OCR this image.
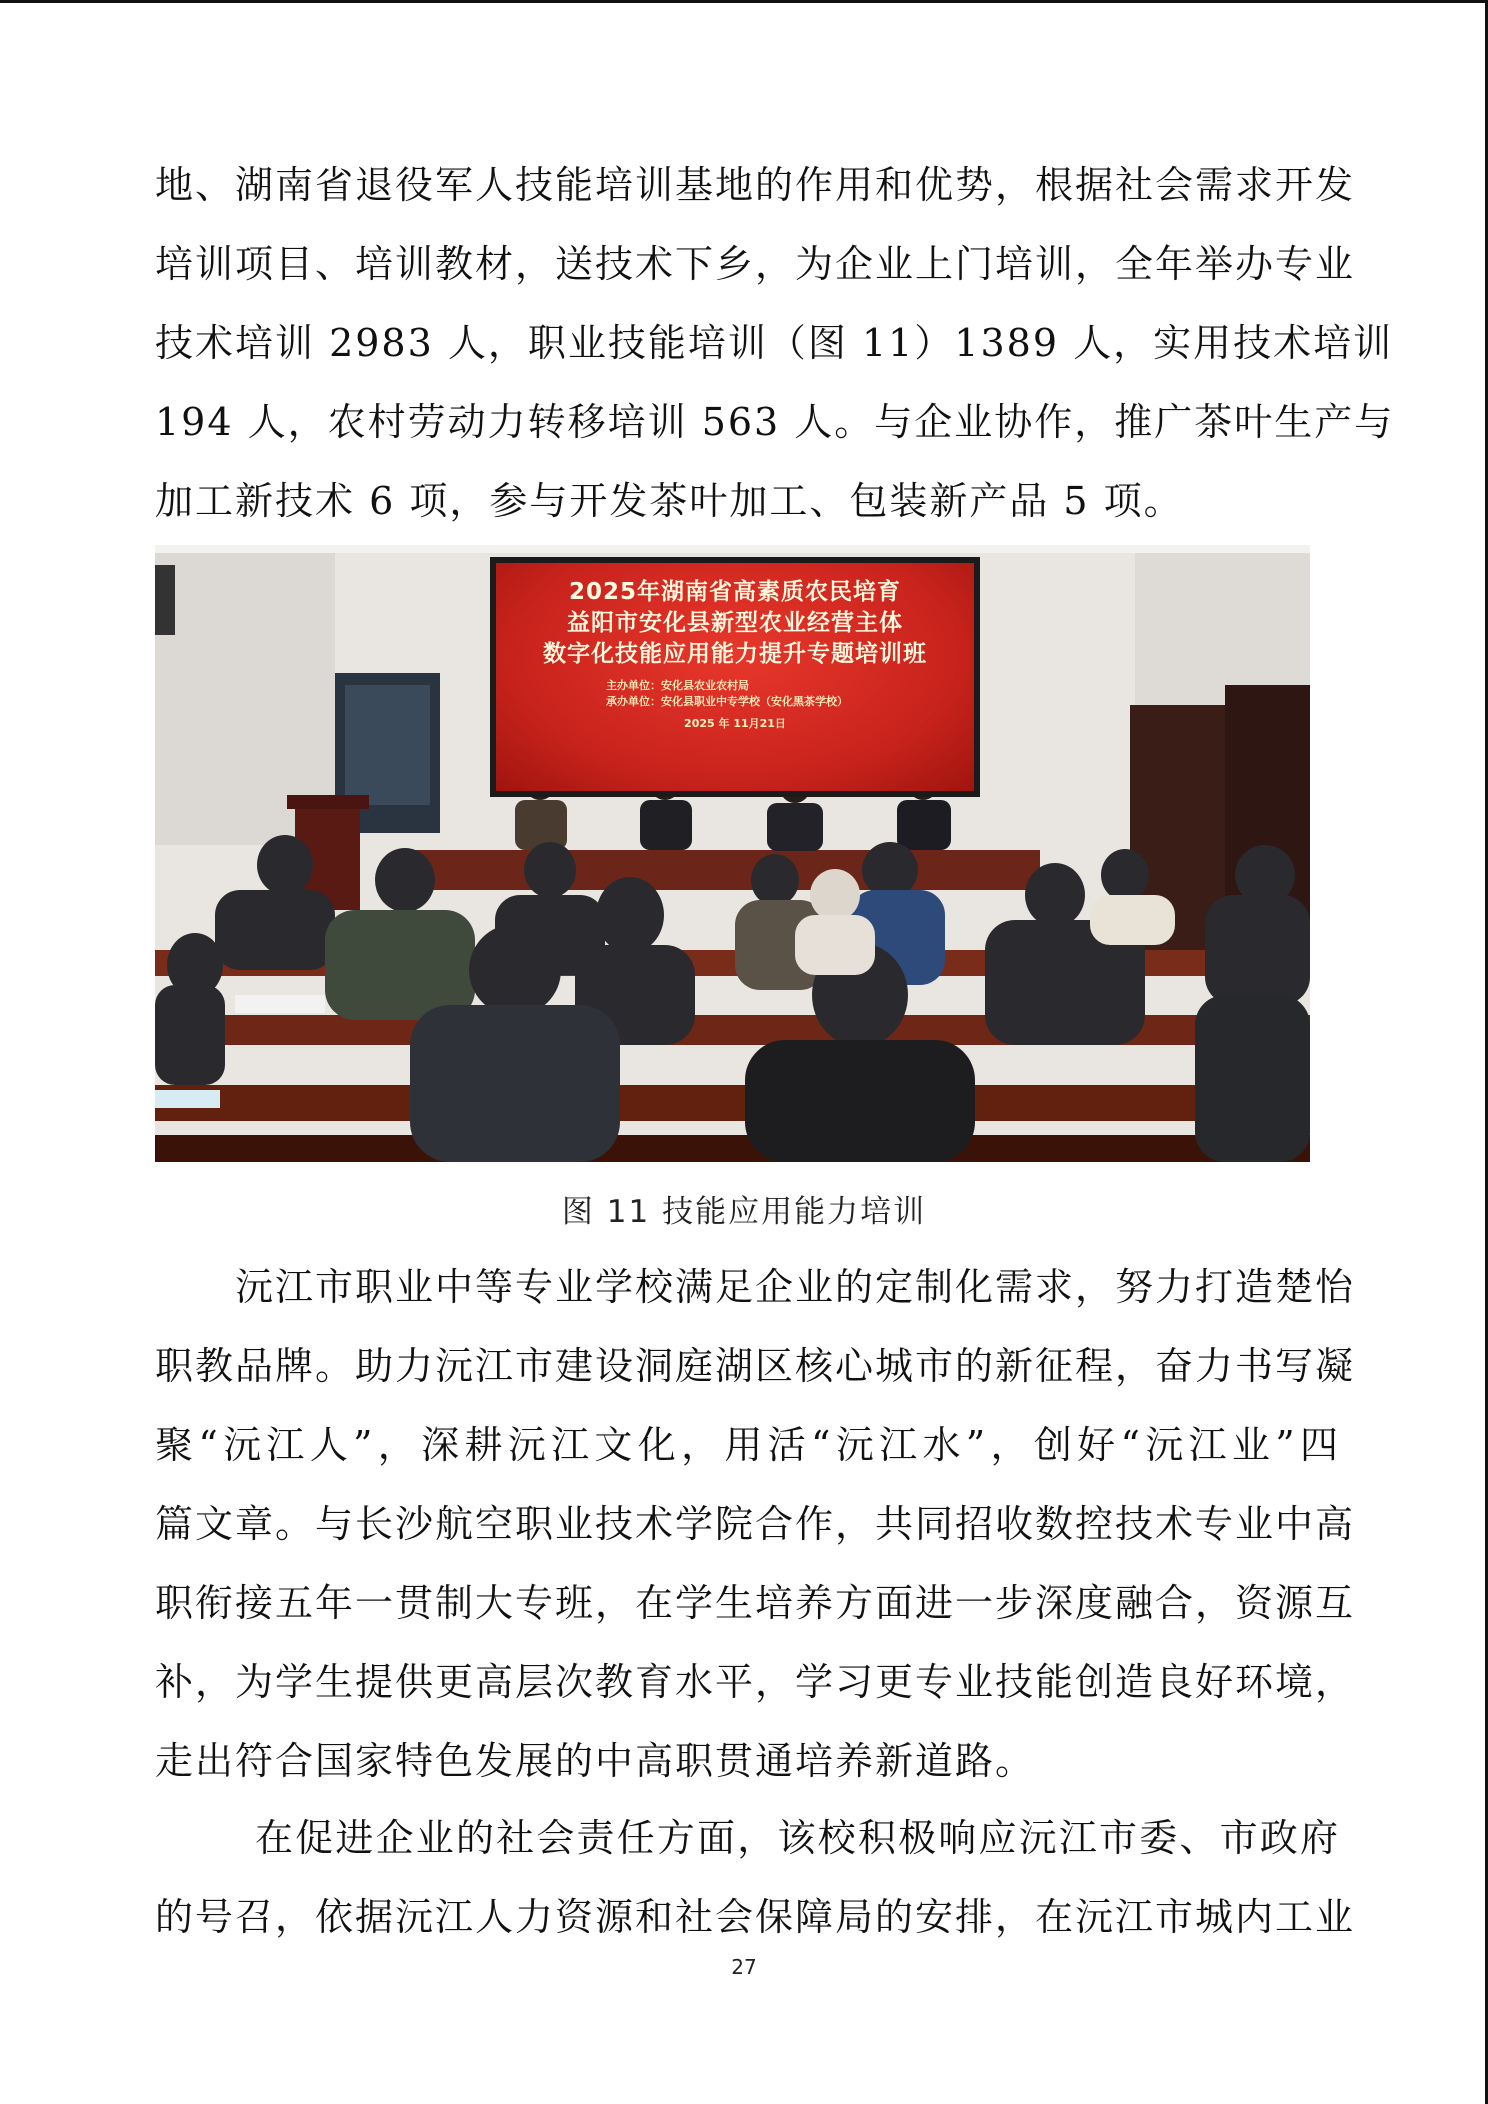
地、湖南省退役军人技能培训基地的作用和优势，根据社会需求开发
培训项目、培训教材，送技术下乡，为企业上门培训，全年举办专业
技术培训 2983 人，职业技能培训（图 11）1389 人，实用技术培训
194 人，农村劳动力转移培训 563 人。与企业协作，推广茶叶生产与
加工新技术 6 项，参与开发茶叶加工、包装新产品 5 项。
2025年湖南省高素质农民培育
益阳市安化县新型农业经营主体
数字化技能应用能力提升专题培训班
主办单位：安化县农业农村局
承办单位：安化县职业中专学校（安化黑茶学校）
2025 年 11月21日
图 11 技能应用能力培训
沅江市职业中等专业学校满足企业的定制化需求，努力打造楚怡
职教品牌。助力沅江市建设洞庭湖区核心城市的新征程，奋力书写凝
聚“沅江人”，深耕沅江文化，用活“沅江水”，创好“沅江业”四
篇文章。与长沙航空职业技术学院合作，共同招收数控技术专业中高
职衔接五年一贯制大专班，在学生培养方面进一步深度融合，资源互
补，为学生提供更高层次教育水平，学习更专业技能创造良好环境，
走出符合国家特色发展的中高职贯通培养新道路。
在促进企业的社会责任方面，该校积极响应沅江市委、市政府
的号召，依据沅江人力资源和社会保障局的安排，在沅江市城内工业
27
